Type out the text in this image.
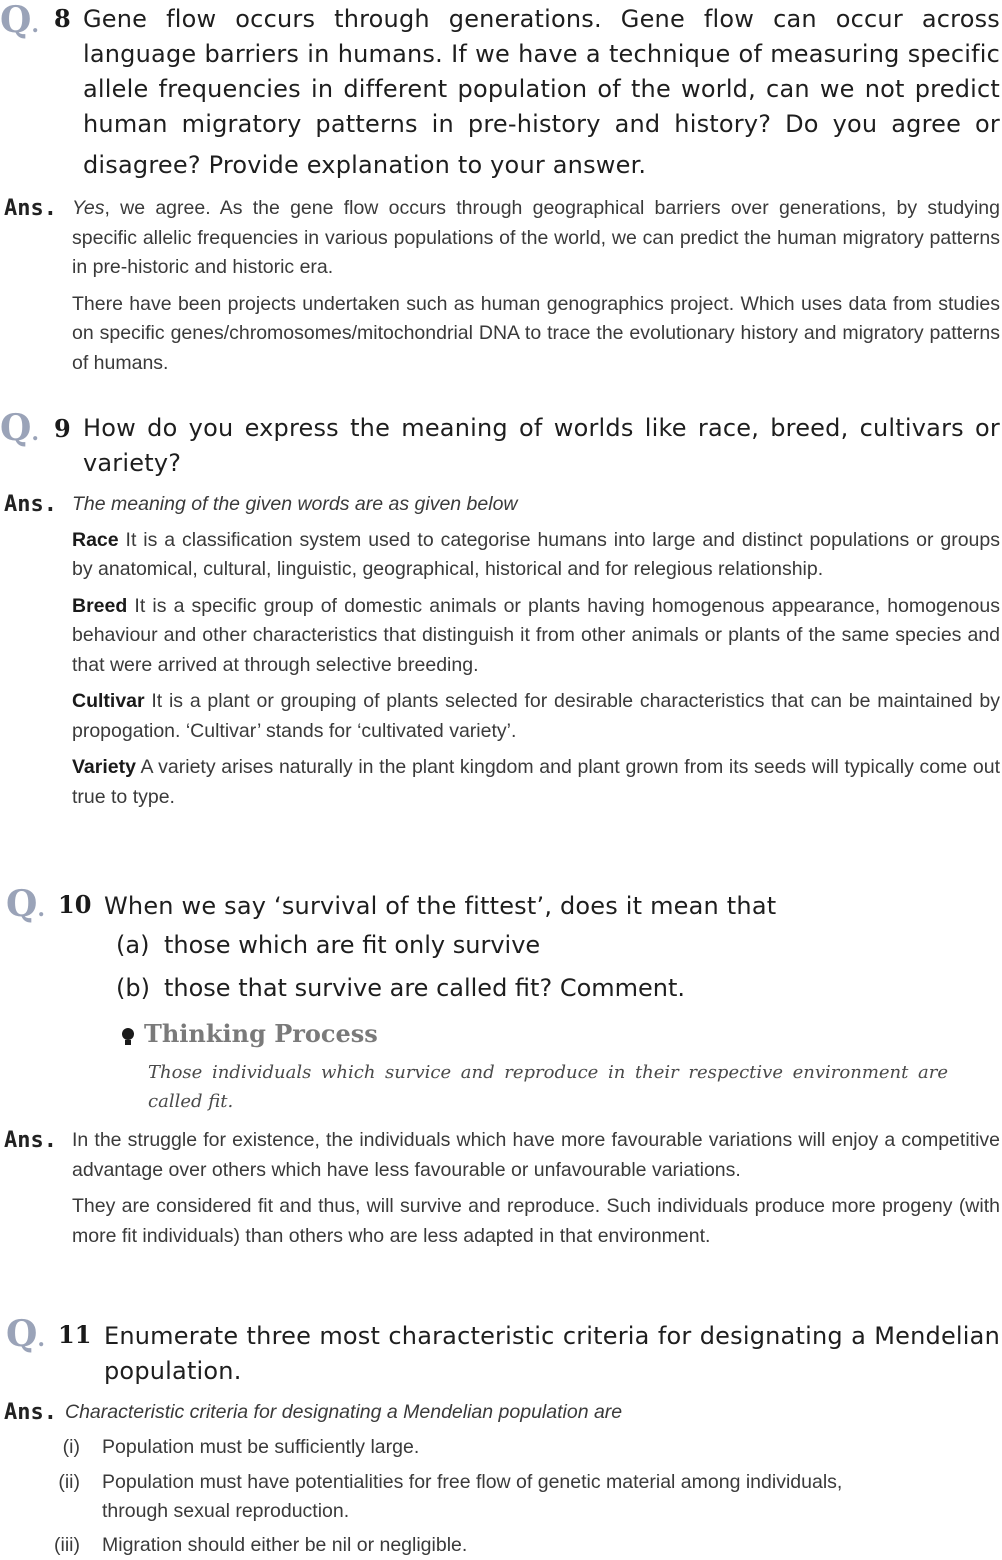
Q. 8 Gene flow occurs through generations. Gene flow can occur across
language barriers in humans. If we have a technique of measuring specific
allele frequencies in different population of the world, can we not predict
human migratory patterns in pre-history and history? Do you agree or
disagree? Provide explanation to your answer.
Ans. Yes, we agree. As the gene flow occurs through geographical barriers over generations, by studying specific allelic frequencies in various populations of the world, we can predict the human migratory patterns in pre-historic and historic era.
There have been projects undertaken such as human genographics project. Which uses data from studies on specific genes/chromosomes/mitochondrial DNA to trace the evolutionary history and migratory patterns of humans.
Q. 9 How do you express the meaning of worlds like race, breed, cultivars or
variety?
Ans. The meaning of the given words are as given below
Race It is a classification system used to categorise humans into large and distinct populations or groups by anatomical, cultural, linguistic, geographical, historical and for relegious relationship.
Breed It is a specific group of domestic animals or plants having homogenous appearance, homogenous behaviour and other characteristics that distinguish it from other animals or plants of the same species and that were arrived at through selective breeding.
Cultivar It is a plant or grouping of plants selected for desirable characteristics that can be maintained by propogation. ‘Cultivar’ stands for ‘cultivated variety’.
Variety A variety arises naturally in the plant kingdom and plant grown from its seeds will typically come out true to type.
Q. 10 When we say ‘survival of the fittest’, does it mean that
(a) those which are fit only survive
(b) those that survive are called fit? Comment.
Thinking Process
Those individuals which survice and reproduce in their respective environment are called fit.
Ans. In the struggle for existence, the individuals which have more favourable variations will enjoy a competitive advantage over others which have less favourable or unfavourable variations.
They are considered fit and thus, will survive and reproduce. Such individuals produce more progeny (with more fit individuals) than others who are less adapted in that environment.
Q. 11 Enumerate three most characteristic criteria for designating a Mendelian
population.
Ans. Characteristic criteria for designating a Mendelian population are
(i) Population must be sufficiently large.
(ii) Population must have potentialities for free flow of genetic material among individuals,
through sexual reproduction.
(iii) Migration should either be nil or negligible.
